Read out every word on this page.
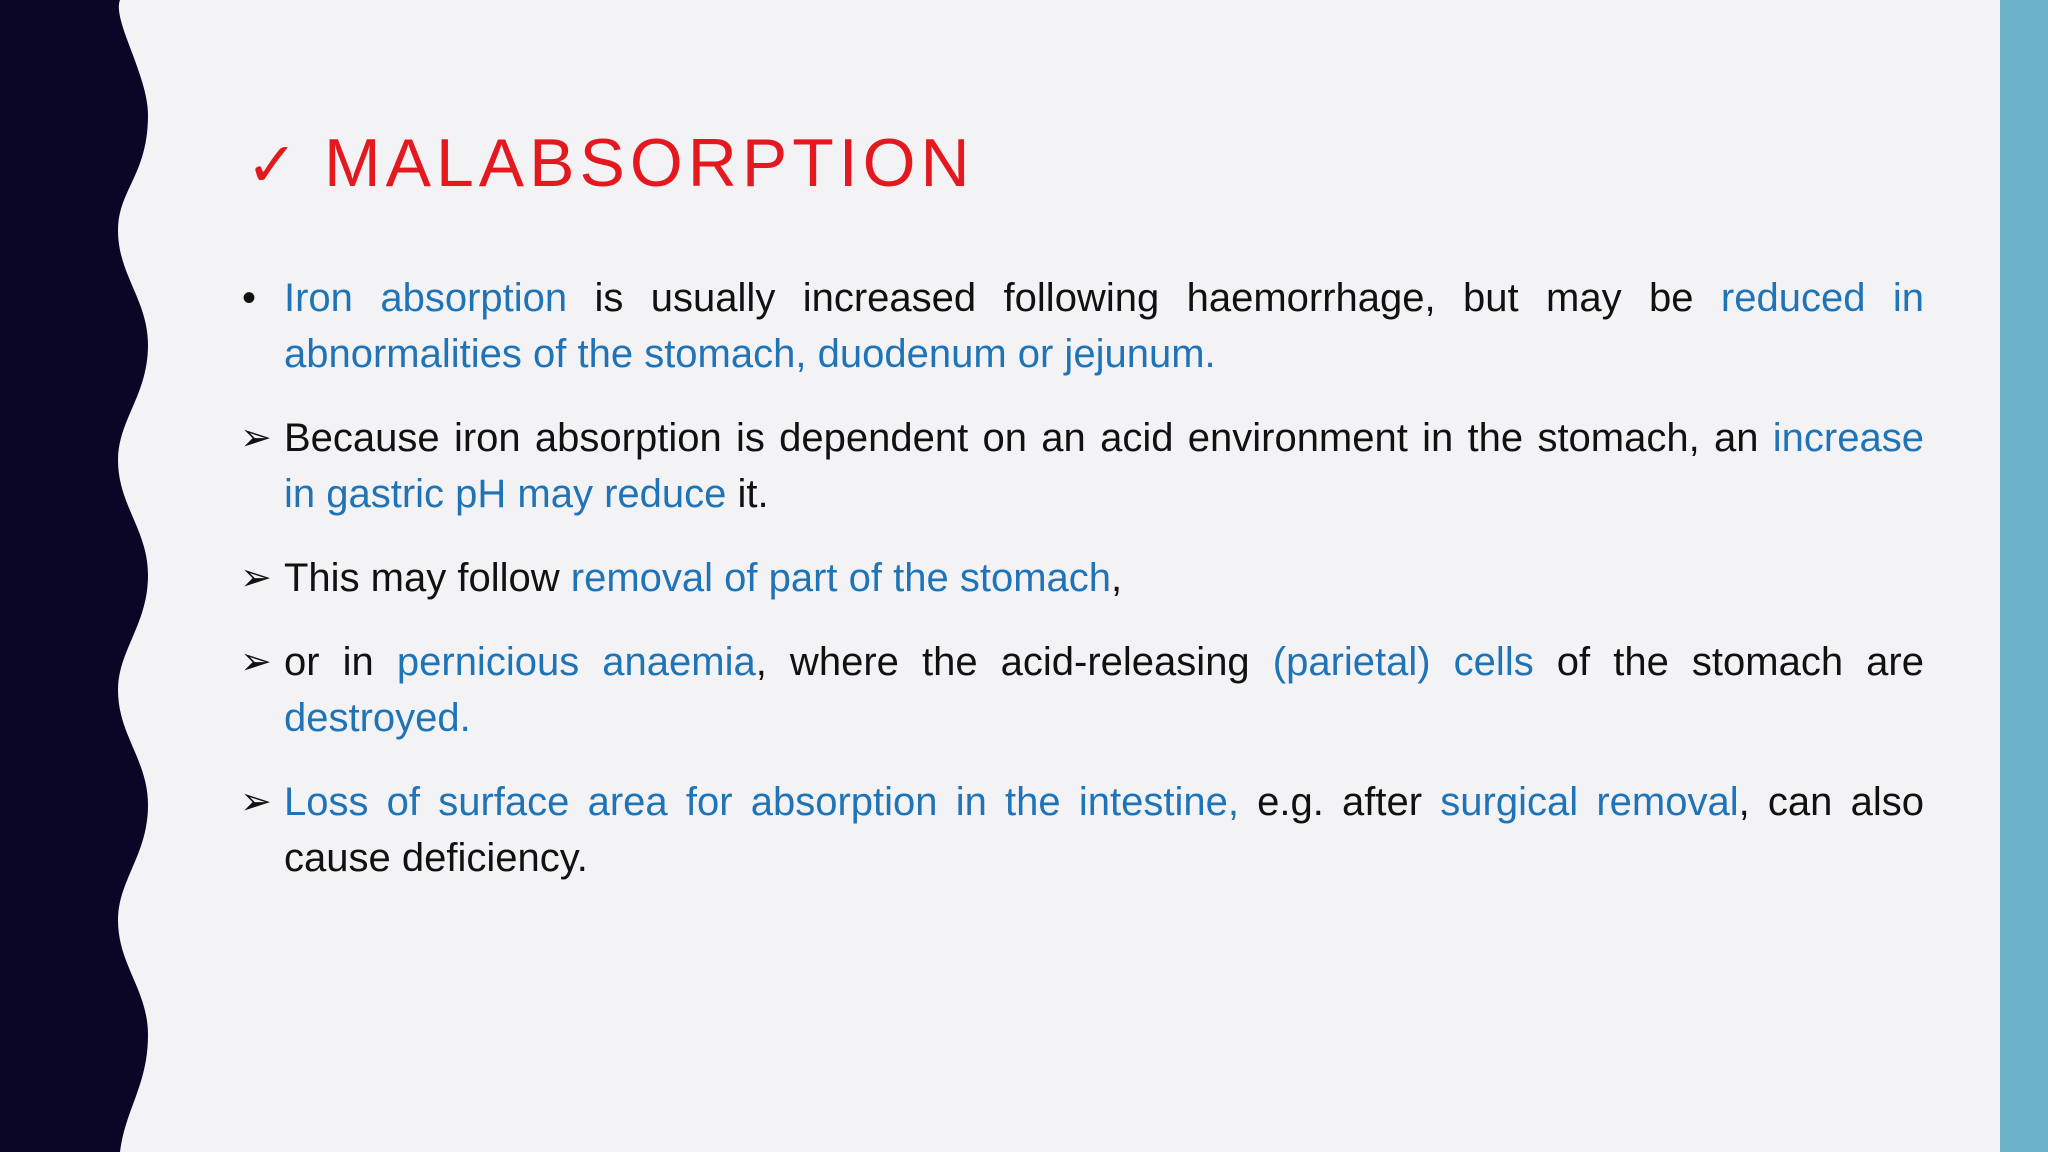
✓ MALABSORPTION
• Iron absorption is usually increased following haemorrhage, but may be reduced in abnormalities of the stomach, duodenum or jejunum.
➢ Because iron absorption is dependent on an acid environment in the stomach, an increase in gastric pH may reduce it.
➢ This may follow removal of part of the stomach,
➢ or in pernicious anaemia, where the acid-releasing (parietal) cells of the stomach are destroyed.
➢ Loss of surface area for absorption in the intestine, e.g. after surgical removal, can also cause deficiency.
